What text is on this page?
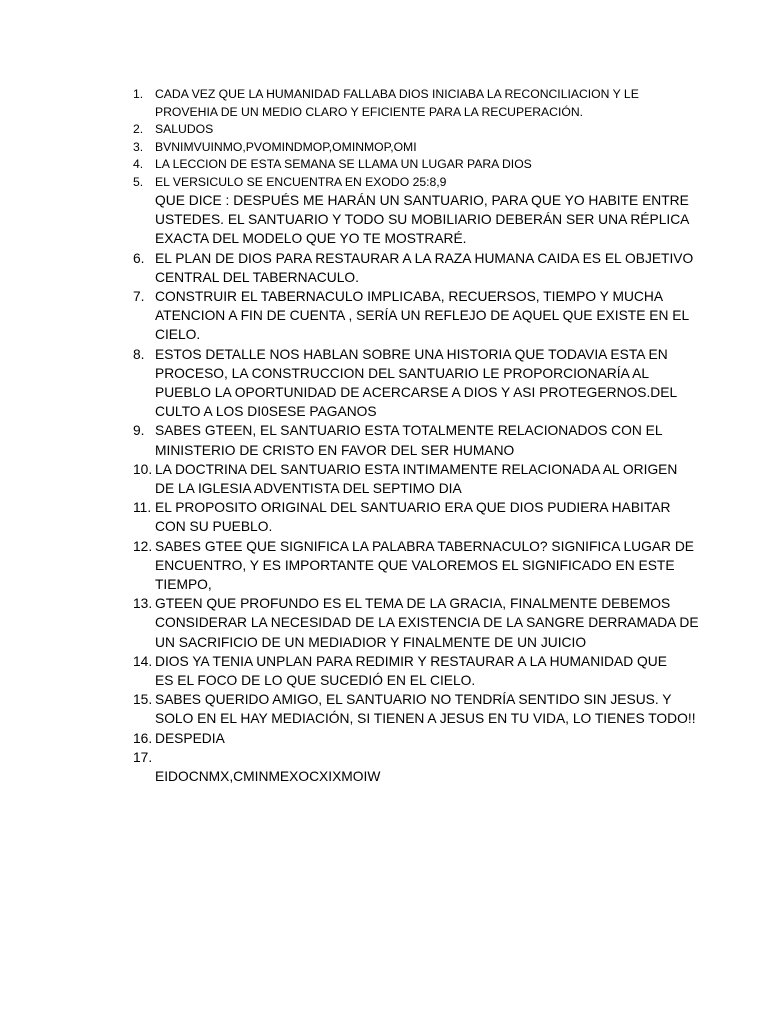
1. CADA VEZ QUE LA HUMANIDAD FALLABA DIOS INICIABA LA RECONCILIACION Y LE
PROVEHIA DE UN MEDIO CLARO Y EFICIENTE PARA LA RECUPERACIÓN.
2. SALUDOS
3. BVNIMVUINMO,PVOMINDMOP,OMINMOP,OMI
4. LA LECCION DE ESTA SEMANA SE LLAMA UN LUGAR PARA DIOS
5. EL VERSICULO SE ENCUENTRA EN EXODO 25:8,9
QUE DICE : DESPUÉS ME HARÁN UN SANTUARIO, PARA QUE YO HABITE ENTRE
USTEDES. EL SANTUARIO Y TODO SU MOBILIARIO DEBERÁN SER UNA RÉPLICA
EXACTA DEL MODELO QUE YO TE MOSTRARÉ.
6. EL PLAN DE DIOS PARA RESTAURAR A LA RAZA HUMANA CAIDA ES EL OBJETIVO
CENTRAL DEL TABERNACULO.
7. CONSTRUIR EL TABERNACULO IMPLICABA, RECUERSOS, TIEMPO Y MUCHA
ATENCION A FIN DE CUENTA , SERÍA UN REFLEJO DE AQUEL QUE EXISTE EN EL
CIELO.
8. ESTOS DETALLE NOS HABLAN SOBRE UNA HISTORIA QUE TODAVIA ESTA EN
PROCESO, LA CONSTRUCCION DEL SANTUARIO LE PROPORCIONARÍA AL
PUEBLO LA OPORTUNIDAD DE ACERCARSE A DIOS Y ASI PROTEGERNOS.DEL
CULTO A LOS DI0SESE PAGANOS
9. SABES GTEEN, EL SANTUARIO ESTA TOTALMENTE RELACIONADOS CON EL
MINISTERIO DE CRISTO EN FAVOR DEL SER HUMANO
10. LA DOCTRINA DEL SANTUARIO ESTA INTIMAMENTE RELACIONADA AL ORIGEN
DE LA IGLESIA ADVENTISTA DEL SEPTIMO DIA
11. EL PROPOSITO ORIGINAL DEL SANTUARIO ERA QUE DIOS PUDIERA HABITAR
CON SU PUEBLO.
12. SABES GTEE QUE SIGNIFICA LA PALABRA TABERNACULO? SIGNIFICA LUGAR DE
ENCUENTRO, Y ES IMPORTANTE QUE VALOREMOS EL SIGNIFICADO EN ESTE
TIEMPO,
13. GTEEN QUE PROFUNDO ES EL TEMA DE LA GRACIA, FINALMENTE DEBEMOS
CONSIDERAR LA NECESIDAD DE LA EXISTENCIA DE LA SANGRE DERRAMADA DE
UN SACRIFICIO DE UN MEDIADIOR Y FINALMENTE DE UN JUICIO
14. DIOS YA TENIA UNPLAN PARA REDIMIR Y RESTAURAR A LA HUMANIDAD QUE
ES EL FOCO DE LO QUE SUCEDIÓ EN EL CIELO.
15. SABES QUERIDO AMIGO, EL SANTUARIO NO TENDRÍA SENTIDO SIN JESUS. Y
SOLO EN EL HAY MEDIACIÓN, SI TIENEN A JESUS EN TU VIDA, LO TIENES TODO!!
16. DESPEDIA
17.
EIDOCNMX,CMINMEXOCXIXMOIW
